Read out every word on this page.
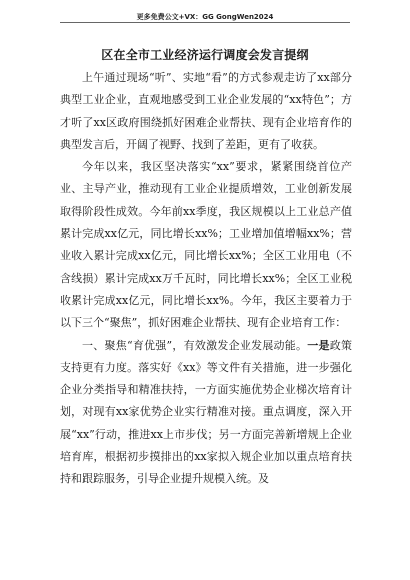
更多免费公文+VX：GG GongWen2024
区在全市工业经济运行调度会发言提纲

上午通过现场“听”、实地“看”的方式参观走访了xx部分典型工业企业，直观地感受到工业企业发展的“xx特色”；方才听了xx区政府围绕抓好困难企业帮扶、现有企业培育作的典型发言后，开阔了视野、找到了差距，更有了收获。

今年以来，我区坚决落实“xx”要求，紧紧围绕首位产业、主导产业，推动现有工业企业提质增效，工业创新发展取得阶段性成效。今年前xx季度，我区规模以上工业总产值累计完成xx亿元，同比增长xx%；工业增加值增幅xx%；营业收入累计完成xx亿元，同比增长xx%；全区工业用电（不含线损）累计完成xx万千瓦时，同比增长xx%；全区工业税收累计完成xx亿元，同比增长xx%。今年，我区主要着力于以下三个“聚焦”，抓好困难企业帮扶、现有企业培育工作：

一、聚焦“育优强”，有效激发企业发展动能。一是政策支持更有力度。落实好《xx》等文件有关措施，进一步强化企业分类指导和精准扶持，一方面实施优势企业梯次培育计划，对现有xx家优势企业实行精准对接。重点调度，深入开展“xx”行动，推进xx上市步伐；另一方面完善新增规上企业培育库，根据初步摸排出的xx家拟入规企业加以重点培育扶持和跟踪服务，引导企业提升规模入统。及
